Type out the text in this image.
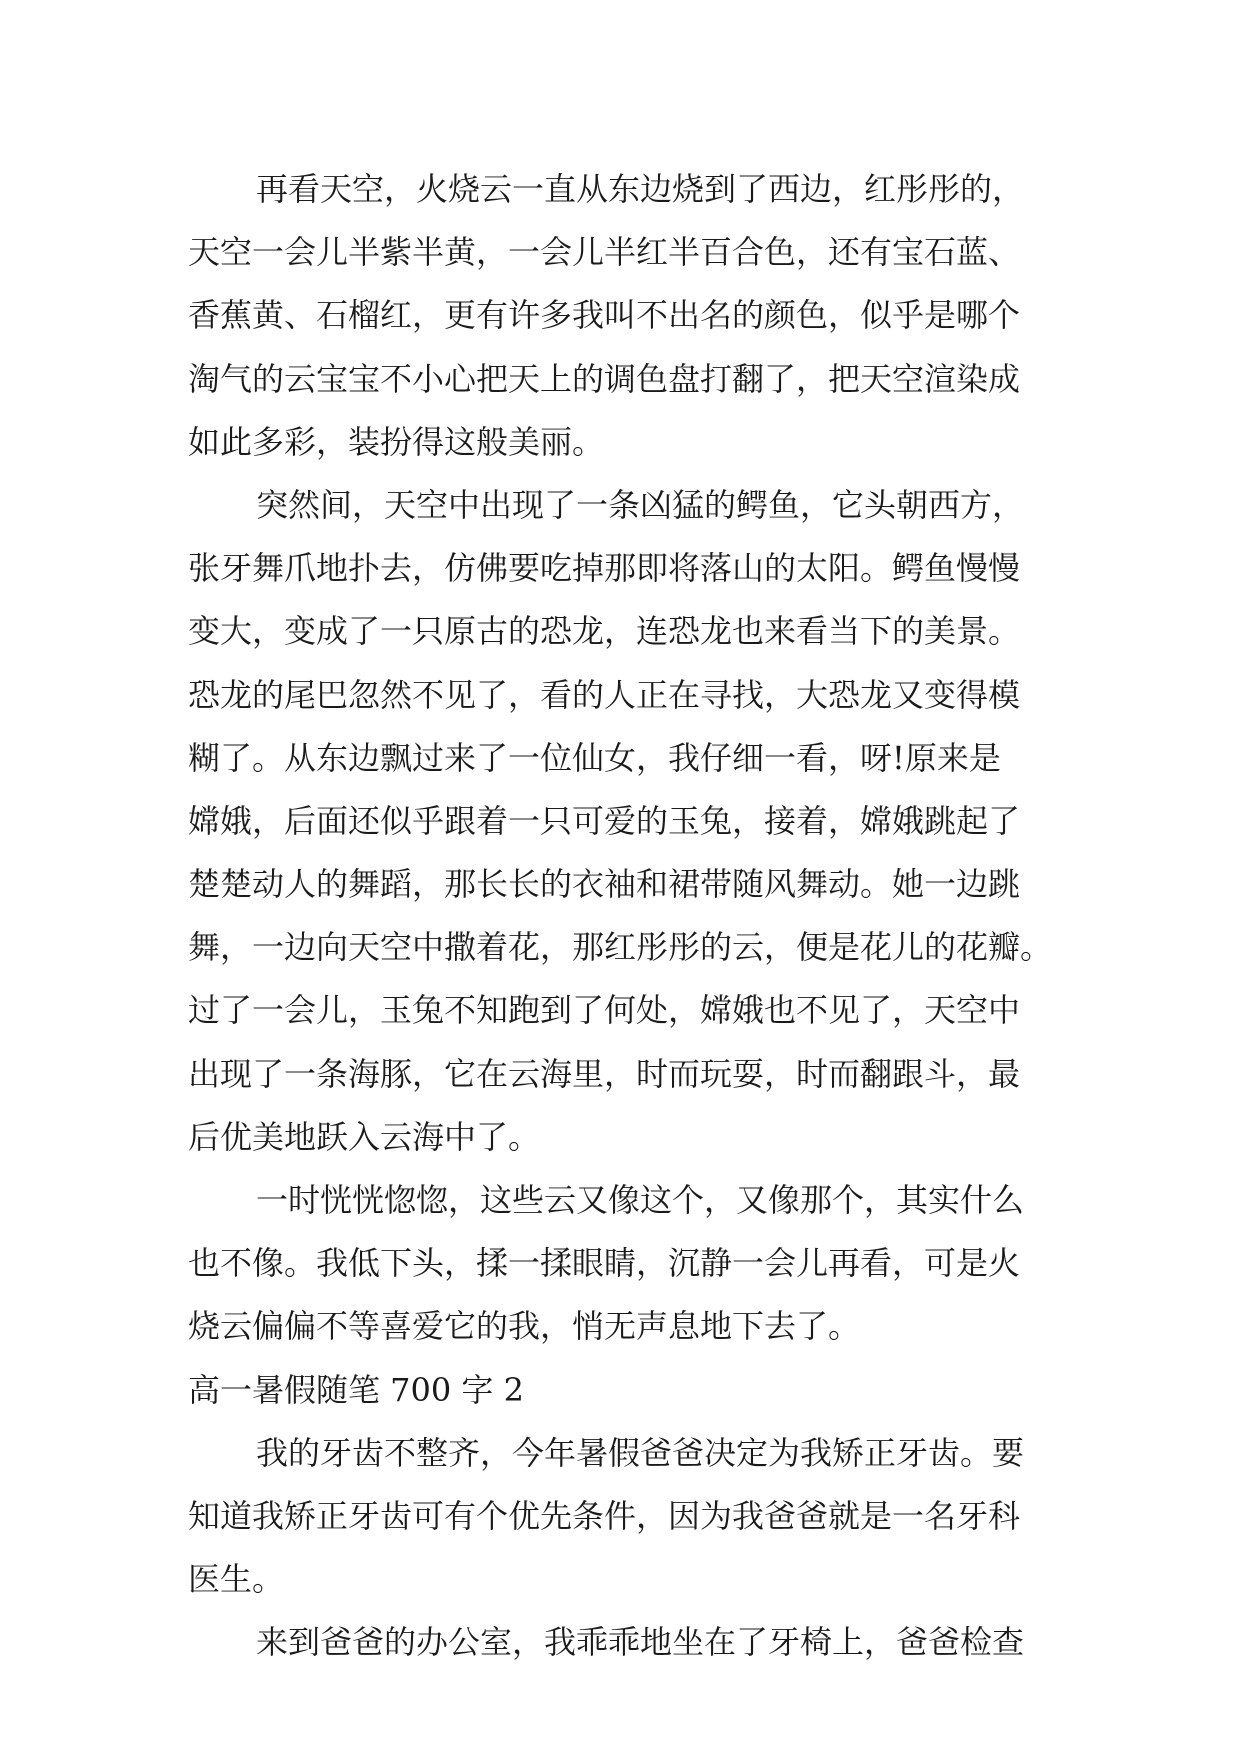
再看天空，火烧云一直从东边烧到了西边，红彤彤的，
天空一会儿半紫半黄，一会儿半红半百合色，还有宝石蓝、
香蕉黄、石榴红，更有许多我叫不出名的颜色，似乎是哪个
淘气的云宝宝不小心把天上的调色盘打翻了，把天空渲染成
如此多彩，装扮得这般美丽。
突然间，天空中出现了一条凶猛的鳄鱼，它头朝西方，
张牙舞爪地扑去，仿佛要吃掉那即将落山的太阳。鳄鱼慢慢
变大，变成了一只原古的恐龙，连恐龙也来看当下的美景。
恐龙的尾巴忽然不见了，看的人正在寻找，大恐龙又变得模
糊了。从东边飘过来了一位仙女，我仔细一看，呀!原来是
嫦娥，后面还似乎跟着一只可爱的玉兔，接着，嫦娥跳起了
楚楚动人的舞蹈，那长长的衣袖和裙带随风舞动。她一边跳
舞，一边向天空中撒着花，那红彤彤的云，便是花儿的花瓣。
过了一会儿，玉兔不知跑到了何处，嫦娥也不见了，天空中
出现了一条海豚，它在云海里，时而玩耍，时而翻跟斗，最
后优美地跃入云海中了。
一时恍恍惚惚，这些云又像这个，又像那个，其实什么
也不像。我低下头，揉一揉眼睛，沉静一会儿再看，可是火
烧云偏偏不等喜爱它的我，悄无声息地下去了。
高一暑假随笔 700 字 2
我的牙齿不整齐，今年暑假爸爸决定为我矫正牙齿。要
知道我矫正牙齿可有个优先条件，因为我爸爸就是一名牙科
医生。
来到爸爸的办公室，我乖乖地坐在了牙椅上，爸爸检查
